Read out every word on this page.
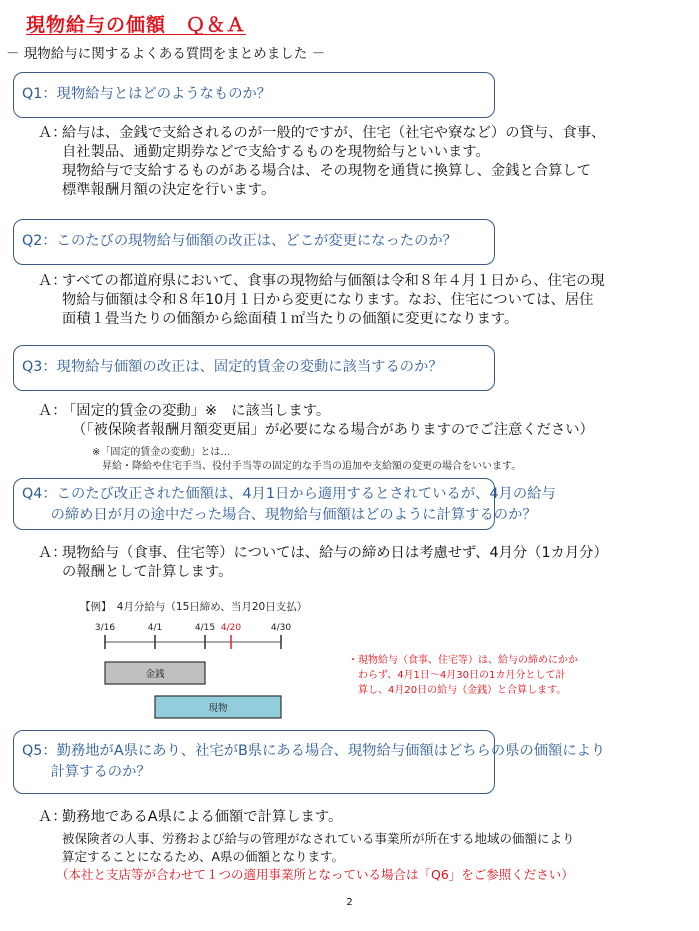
現物給与の価額　Ｑ＆Ａ
－ 現物給与に関するよくある質問をまとめました －
Q1：現物給与とはどのようなものか？
Ａ：給与は、金銭で支給されるのが一般的ですが、住宅（社宅や寮など）の貸与、食事、
自社製品、通勤定期券などで支給するものを現物給与といいます。
現物給与で支給するものがある場合は、その現物を通貨に換算し、金銭と合算して
標準報酬月額の決定を行います。
Q2：このたびの現物給与価額の改正は、どこが変更になったのか？
Ａ：すべての都道府県において、食事の現物給与価額は令和８年４月１日から、住宅の現
物給与価額は令和８年10月１日から変更になります。なお、住宅については、居住
面積１畳当たりの価額から総面積１㎡当たりの価額に変更になります。
Q3：現物給与価額の改正は、固定的賃金の変動に該当するのか？
Ａ：「固定的賃金の変動」※　に該当します。
（「被保険者報酬月額変更届」が必要になる場合がありますのでご注意ください）
※「固定的賃金の変動」とは…
　昇給・降給や住宅手当、役付手当等の固定的な手当の追加や支給額の変更の場合をいいます。
Q4：このたび改正された価額は、4月1日から適用するとされているが、4月の給与
　　の締め日が月の途中だった場合、現物給与価額はどのように計算するのか？
Ａ：現物給与（食事、住宅等）については、給与の締め日は考慮せず、4月分（1カ月分）
の報酬として計算します。
【例】　4月分給与（15日締め、当月20日支払）
3/16	4/1	4/15 4/20	4/30
金銭
現物
・現物給与（食事、住宅等）は、給与の締めにかか
　わらず、4月1日～4月30日の1カ月分として計
　算し、4月20日の給与（金銭）と合算します。
Q5：勤務地がA県にあり、社宅がB県にある場合、現物給与価額はどちらの県の価額により
　　計算するのか？
Ａ：勤務地であるA県による価額で計算します。
被保険者の人事、労務および給与の管理がなされている事業所が所在する地域の価額により
算定することになるため、A県の価額となります。
（本社と支店等が合わせて１つの適用事業所となっている場合は「Q6」をご参照ください）
2
